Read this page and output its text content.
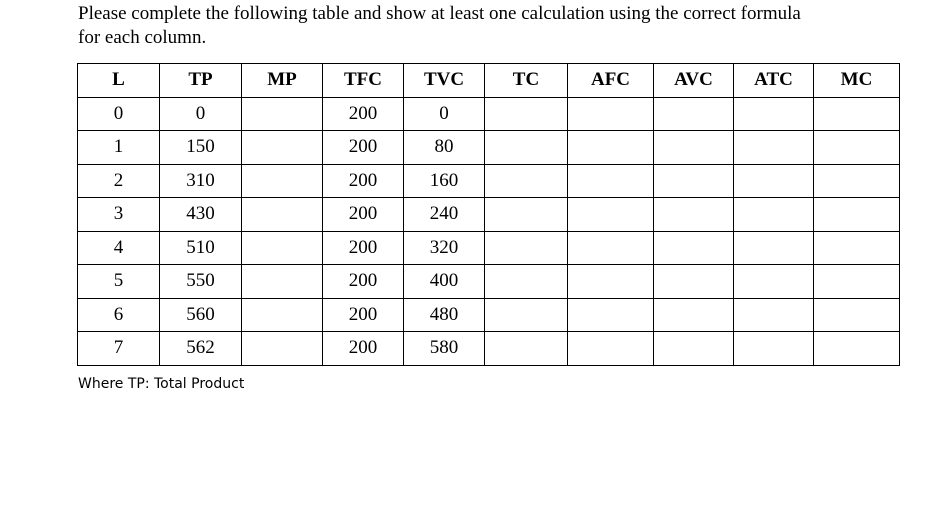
Please complete the following table and show at least one calculation using the correct formula
for each column.

L	TP	MP	TFC	TVC	TC	AFC	AVC	ATC	MC
0	0		200	0					
1	150		200	80					
2	310		200	160					
3	430		200	240					
4	510		200	320					
5	550		200	400					
6	560		200	480					
7	562		200	580					

Where TP: Total Product
